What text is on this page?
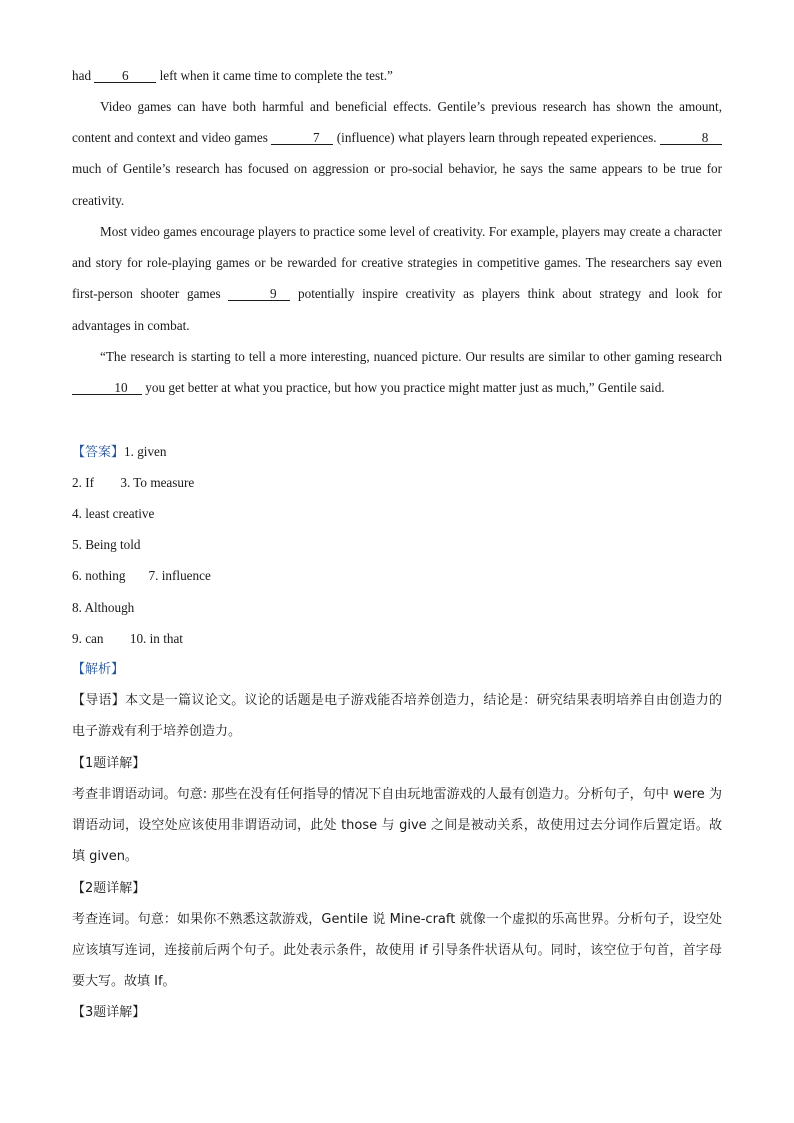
had 6 left when it came time to complete the test.”

Video games can have both harmful and beneficial effects. Gentile’s previous research has shown the amount, content and context and video games	7 (influence) what players learn through repeated experiences.	8 much of Gentile’s research has focused on aggression or pro-social behavior, he says the same appears to be true for creativity.

Most video games encourage players to practice some level of creativity. For example, players may create a character and story for role-playing games or be rewarded for creative strategies in competitive games. The researchers say even first-person shooter games	9 potentially inspire creativity as players think about strategy and look for advantages in combat.

“The research is starting to tell a more interesting, nuanced picture. Our results are similar to other gaming research 10 you get better at what you practice, but how you practice might matter just as much,” Gentile said.

【答案】1. given
2. If        3. To measure
4. least creative
5. Being told
6. nothing       7. influence
8. Although
9. can        10. in that
【解析】

【导语】本文是一篇议论文。议论的话题是电子游戏能否培养创造力，结论是：研究结果表明培养自由创造力的电子游戏有利于培养创造力。

【1题详解】

考查非谓语动词。句意: 那些在没有任何指导的情况下自由玩地雷游戏的人最有创造力。分析句子，句中 were 为谓语动词，设空处应该使用非谓语动词，此处 those 与 give 之间是被动关系，故使用过去分词作后置定语。故填 given。

【2题详解】

考查连词。句意：如果你不熟悉这款游戏，Gentile 说 Mine-craft 就像一个虚拟的乐高世界。分析句子，设空处应该填写连词，连接前后两个句子。此处表示条件，故使用 if 引导条件状语从句。同时，该空位于句首，首字母要大写。故填 If。

【3题详解】
